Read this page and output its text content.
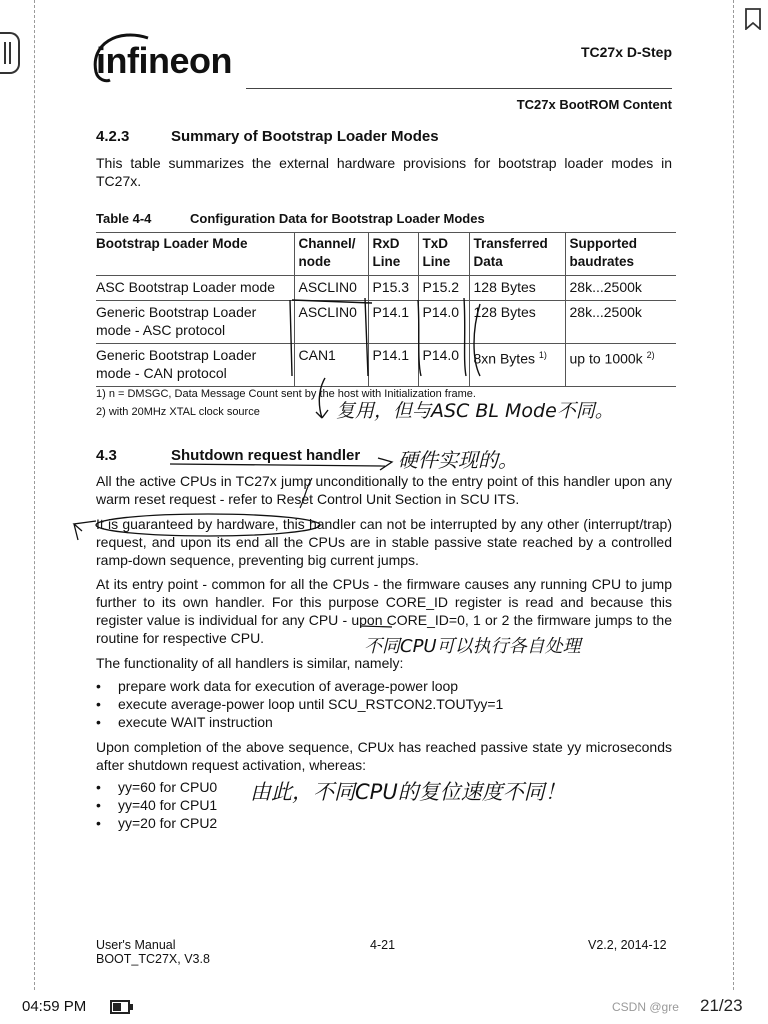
infineon	TC27x D-Step
TC27x BootROM Content
4.2.3	Summary of Bootstrap Loader Modes

This table summarizes the external hardware provisions for bootstrap loader modes in TC27x.

Table 4-4	Configuration Data for Bootstrap Loader Modes
Bootstrap Loader Mode	Channel/ node	RxD Line	TxD Line	Transferred Data	Supported baudrates
ASC Bootstrap Loader mode	ASCLIN0	P15.3	P15.2	128 Bytes	28k...2500k
Generic Bootstrap Loader mode - ASC protocol	ASCLIN0	P14.1	P14.0	128 Bytes	28k...2500k
Generic Bootstrap Loader mode - CAN protocol	CAN1	P14.1	P14.0	8xn Bytes $^{1)}$	up to 1000k $^{2)}$
1) n = DMSGC, Data Message Count sent by the host with Initialization frame.
2) with 20MHz XTAL clock source
4.3	Shutdown request handler

All the active CPUs in TC27x jump unconditionally to the entry point of this handler upon any warm reset request - refer to Reset Control Unit Section in SCU ITS.

It is guaranteed by hardware, this handler can not be interrupted by any other (interrupt/trap) request, and upon its end all the CPUs are in stable passive state reached by a controlled ramp-down sequence, preventing big current jumps.

At its entry point - common for all the CPUs - the firmware causes any running CPU to jump further to its own handler. For this purpose CORE_ID register is read and because this register value is individual for any CPU - upon CORE_ID=0, 1 or 2 the firmware jumps to the routine for respective CPU.

The functionality of all handlers is similar, namely:

• prepare work data for execution of average-power loop
• execute average-power loop until SCU_RSTCON2.TOUTyy=1
• execute WAIT instruction

Upon completion of the above sequence, CPUx has reached passive state yy microseconds after shutdown request activation, whereas:

• yy=60 for CPU0
• yy=40 for CPU1
• yy=20 for CPU2
复用，但与ASC BL Mode不同。
硬件实现的。
不同CPU可以执行各自处理
由此，不同CPU的复位速度不同！
User's Manual
BOOT_TC27X, V3.8
4-21	V2.2, 2014-12
04:59 PM	CSDN @gre 21/23
